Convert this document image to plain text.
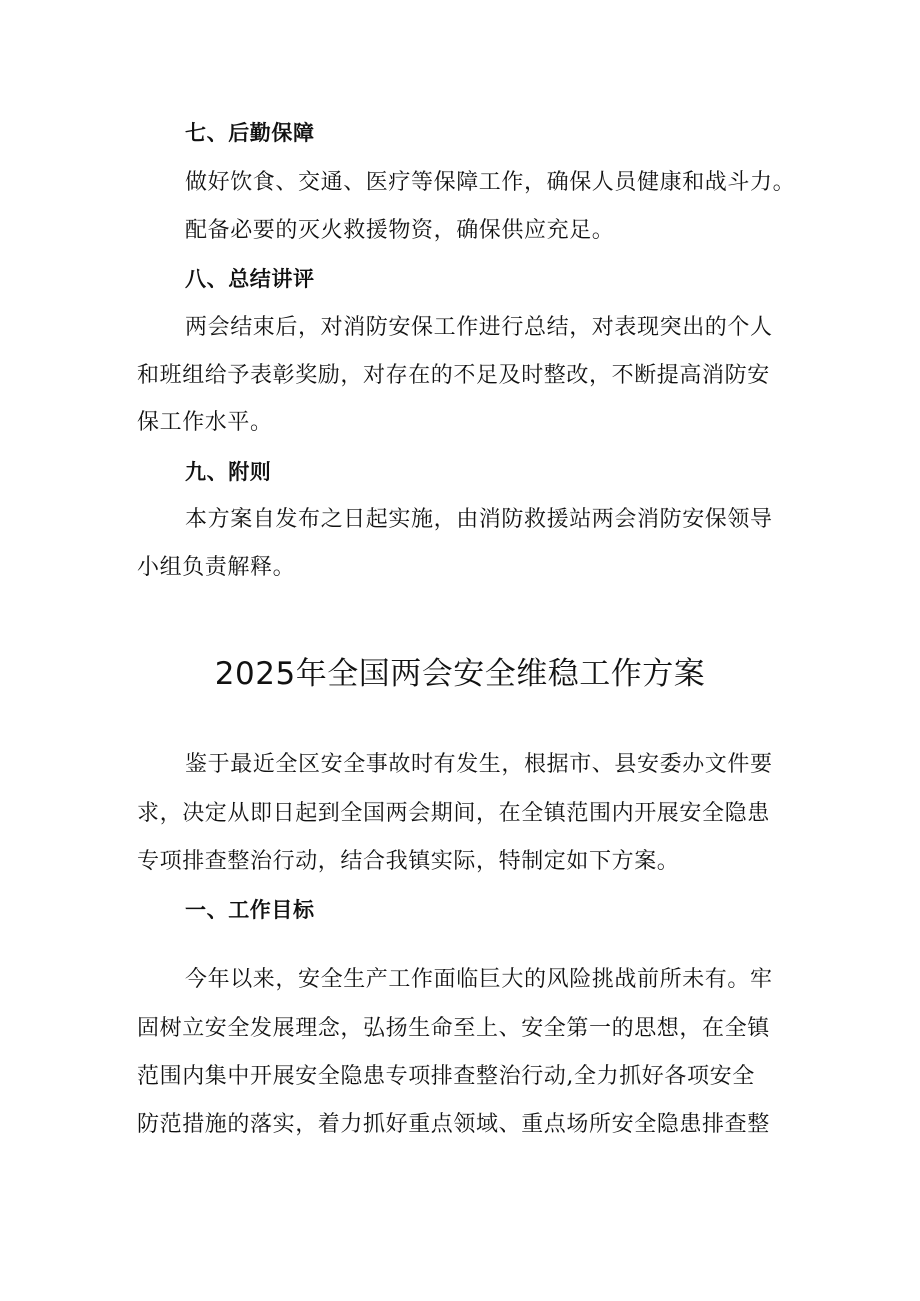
七、后勤保障
做好饮食、交通、医疗等保障工作，确保人员健康和战斗力。
配备必要的灭火救援物资，确保供应充足。
八、总结讲评
两会结束后，对消防安保工作进行总结，对表现突出的个人
和班组给予表彰奖励，对存在的不足及时整改，不断提高消防安
保工作水平。
九、附则
本方案自发布之日起实施，由消防救援站两会消防安保领导
小组负责解释。
2025年全国两会安全维稳工作方案
鉴于最近全区安全事故时有发生，根据市、县安委办文件要
求，决定从即日起到全国两会期间，在全镇范围内开展安全隐患
专项排查整治行动，结合我镇实际，特制定如下方案。
一、工作目标
今年以来，安全生产工作面临巨大的风险挑战前所未有。牢
固树立安全发展理念，弘扬生命至上、安全第一的思想，在全镇
范围内集中开展安全隐患专项排查整治行动,全力抓好各项安全
防范措施的落实，着力抓好重点领域、重点场所安全隐患排查整
